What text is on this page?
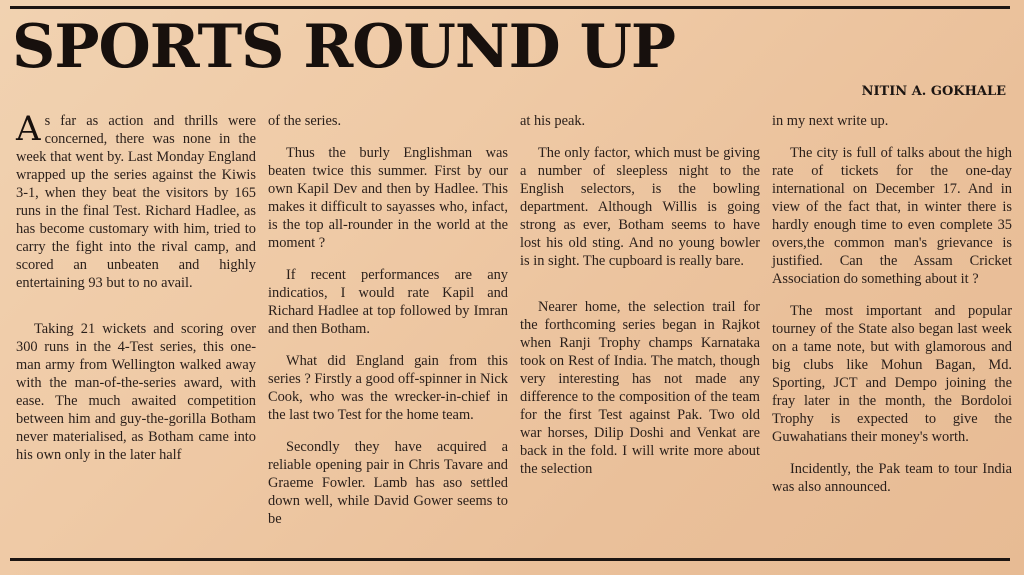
SPORTS ROUND UP
NITIN A. GOKHALE

As far as action and thrills were concerned, there was none in the week that went by. Last Monday England wrapped up the series against the Kiwis 3-1, when they beat the visitors by 165 runs in the final Test. Richard Hadlee, as has become customary with him, tried to carry the fight into the rival camp, and scored an unbeaten and highly entertaining 93 but to no avail.

Taking 21 wickets and scoring over 300 runs in the 4-Test series, this one-man army from Wellington walked away with the man-of-the-series award, with ease. The much awaited competition between him and guy-the-gorilla Botham never materialised, as Botham came into his own only in the later half

of the series.

Thus the burly Englishman was beaten twice this summer. First by our own Kapil Dev and then by Hadlee. This makes it difficult to sayasses who, infact, is the top all-rounder in the world at the moment ?

If recent performances are any indicatios, I would rate Kapil and Richard Hadlee at top followed by Imran and then Botham.

What did England gain from this series ? Firstly a good off-spinner in Nick Cook, who was the wrecker-in-chief in the last two Test for the home team.

Secondly they have acquired a reliable opening pair in Chris Tavare and Graeme Fowler. Lamb has aso settled down well, while David Gower seems to be

at his peak.

The only factor, which must be giving a number of sleepless night to the English selectors, is the bowling department. Although Willis is going strong as ever, Botham seems to have lost his old sting. And no young bowler is in sight. The cupboard is really bare.

Nearer home, the selection trail for the forthcoming series began in Rajkot when Ranji Trophy champs Karnataka took on Rest of India. The match, though very interesting has not made any difference to the composition of the team for the first Test against Pak. Two old war horses, Dilip Doshi and Venkat are back in the fold. I will write more about the selection

in my next write up.

The city is full of talks about the high rate of tickets for the one-day international on December 17. And in view of the fact that, in winter there is hardly enough time to even complete 35 overs,the common man's grievance is justified. Can the Assam Cricket Association do something about it ?

The most important and popular tourney of the State also began last week on a tame note, but with glamorous and big clubs like Mohun Bagan, Md. Sporting, JCT and Dempo joining the fray later in the month, the Bordoloi Trophy is expected to give the Guwahatians their money's worth.

Incidently, the Pak team to tour India was also announced.
